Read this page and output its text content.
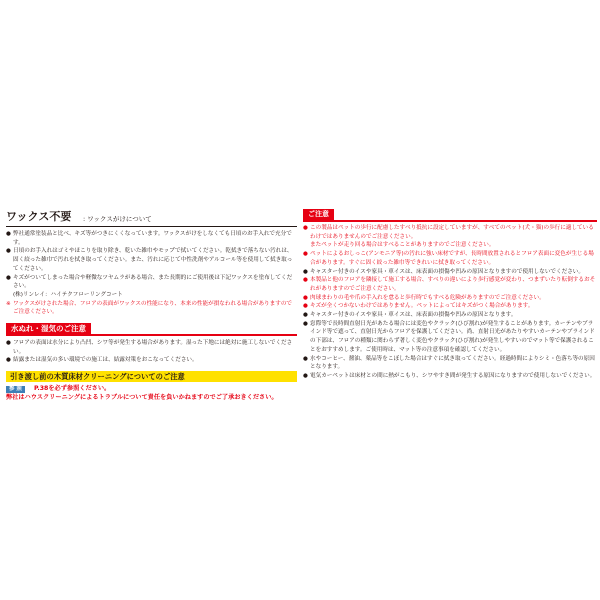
ワックス不要 : ワックスがけについて
● 弊社通常塗装品と比べ、キズ等がつきにくくなっています。ワックスがけをしなくても日頃のお手入れで充分です。
● 日頃のお手入れはゴミやほこりを取り除き、乾いた雑巾やモップで拭いてください。乾拭きで落ちない汚れは、固く絞った雑巾で汚れを拭き取ってください。また、汚れに応じて中性洗剤やアルコール等を使用して拭き取ってください。
● キズがついてしまった場合や軽微なツヤムラがある場合、また長期的にご使用後は下記ワックスを塗布してください。
(株)リンレイ：ハイテクフローリングコート
※ ワックスがけされた場合、フロアの表面がワックスの性能になり、本来の性能が損なわれる場合がありますのでご注意ください。
水ぬれ・湿気のご注意
● フロアの表面は水分により凸凹、シワ等が発生する場合があります。湿った下地には絶対に施工しないでください。
● 結露または湿気の多い環境での施工は、結露対策をおこなってください。
引き渡し前の木質床材クリーニングについてのご注意
参 照	P.38を必ず参照ください。
弊社はハウスクリーニングによるトラブルについて責任を負いかねますのでご了承おきください。
ご注意
● この製品はペットの歩行に配慮したすべり抵抗に設定していますが、すべてのペット(犬・猫)の歩行に適しているわけではありませんのでご注意ください。
またペットが走り回る場合はすべることがありますのでご注意ください。
● ペットによるおしっこ(アンモニア等)の汚れに強い床材ですが、長時間放置されるとフロア表面に変色が生じる場合があります。すぐに固く絞った雑巾等できれいに拭き取ってください。
● キャスター付きのイスや家具・車イスは、床表面の損傷や凹みの原因となりますので使用しないでください。
● 本製品と他のフロアを隣接して施工する場合、すべりの違いにより歩行感覚が変わり、つまずいたり転倒するおそれがありますのでご注意ください。
● 肉球まわりの毛や爪の手入れを怠ると歩行時でもすべる危険がありますのでご注意ください。
● キズが全くつかないわけではありません。ペットによってはキズがつく場合があります。
● キャスター付きのイスや家具・車イスは、床表面の損傷や凹みの原因となります。
● 窓際等で長時間直射日光があたる場合には変色やクラック(ひび割れ)が発生することがあります。カーテンやブラインド等で遮って、直射日光からフロアを保護してください。尚、直射日光があたりやすいカーテンやブラインドの下部は、フロアの種類に関わらず著しく変色やクラック(ひび割れ)が発生しやすいのでマット等で保護されることをおすすめします。ご使用時は、マット等の注意事項を確認してください。
● 水やコーヒー、醤油、薬品等をこぼした場合はすぐに拭き取ってください。経過時間によりシミ・色落ち等の原因となります。
● 電気カーペットは床材との間に熱がこもり、シワやすき間が発生する原因になりますので使用しないでください。
